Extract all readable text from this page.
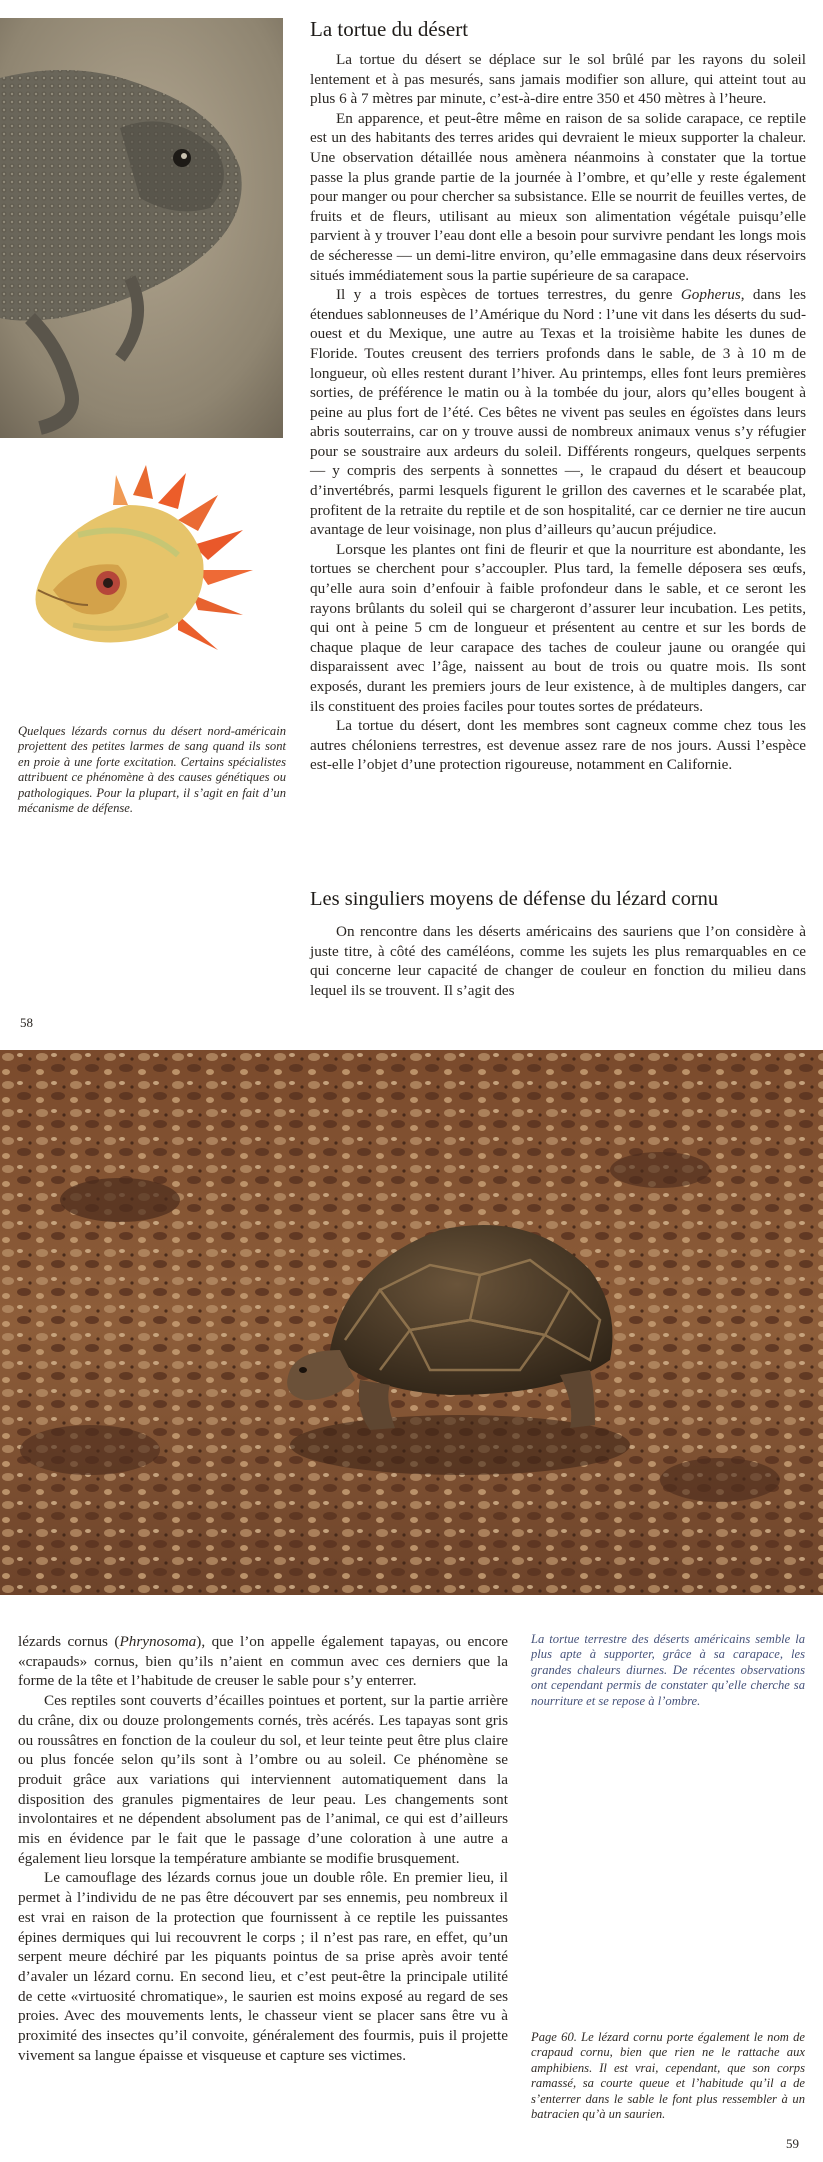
Quelques lézards cornus du désert nord-américain projettent des petites larmes de sang quand ils sont en proie à une forte excitation. Certains spécialistes attribuent ce phénomène à des causes génétiques ou pathologiques. Pour la plupart, il s’agit en fait d’un mécanisme de défense.
La tortue du désert

La tortue du désert se déplace sur le sol brûlé par les rayons du soleil lentement et à pas mesurés, sans jamais modifier son allure, qui atteint tout au plus 6 à 7 mètres par minute, c’est-à-dire entre 350 et 450 mètres à l’heure.

En apparence, et peut-être même en raison de sa solide carapace, ce reptile est un des habitants des terres arides qui devraient le mieux supporter la chaleur. Une observation détaillée nous amènera néanmoins à constater que la tortue passe la plus grande partie de la journée à l’ombre, et qu’elle y reste également pour manger ou pour chercher sa subsistance. Elle se nourrit de feuilles vertes, de fruits et de fleurs, utilisant au mieux son alimentation végétale puisqu’elle parvient à y trouver l’eau dont elle a besoin pour survivre pendant les longs mois de sécheresse — un demi-litre environ, qu’elle emmagasine dans deux réservoirs situés immédiatement sous la partie supérieure de sa carapace.

Il y a trois espèces de tortues terrestres, du genre Gopherus, dans les étendues sablonneuses de l’Amérique du Nord : l’une vit dans les déserts du sud-ouest et du Mexique, une autre au Texas et la troisième habite les dunes de Floride. Toutes creusent des terriers profonds dans le sable, de 3 à 10 m de longueur, où elles restent durant l’hiver. Au printemps, elles font leurs premières sorties, de préférence le matin ou à la tombée du jour, alors qu’elles bougent à peine au plus fort de l’été. Ces bêtes ne vivent pas seules en égoïstes dans leurs abris souterrains, car on y trouve aussi de nombreux animaux venus s’y réfugier pour se soustraire aux ardeurs du soleil. Différents rongeurs, quelques serpents — y compris des serpents à sonnettes —, le crapaud du désert et beaucoup d’invertébrés, parmi lesquels figurent le grillon des cavernes et le scarabée plat, profitent de la retraite du reptile et de son hospitalité, car ce dernier ne tire aucun avantage de leur voisinage, non plus d’ailleurs qu’aucun préjudice.

Lorsque les plantes ont fini de fleurir et que la nourriture est abondante, les tortues se cherchent pour s’accoupler. Plus tard, la femelle déposera ses œufs, qu’elle aura soin d’enfouir à faible profondeur dans le sable, et ce seront les rayons brûlants du soleil qui se chargeront d’assurer leur incubation. Les petits, qui ont à peine 5 cm de longueur et présentent au centre et sur les bords de chaque plaque de leur carapace des taches de couleur jaune ou orangée qui disparaissent avec l’âge, naissent au bout de trois ou quatre mois. Ils sont exposés, durant les premiers jours de leur existence, à de multiples dangers, car ils constituent des proies faciles pour toutes sortes de prédateurs.

La tortue du désert, dont les membres sont cagneux comme chez tous les autres chéloniens terrestres, est devenue assez rare de nos jours. Aussi l’espèce est-elle l’objet d’une protection rigoureuse, notamment en Californie.

Les singuliers moyens de défense du lézard cornu

On rencontre dans les déserts américains des sauriens que l’on considère à juste titre, à côté des caméléons, comme les sujets les plus remarquables en ce qui concerne leur capacité de changer de couleur en fonction du milieu dans lequel ils se trouvent. Il s’agit des

58

lézards cornus (Phrynosoma), que l’on appelle également tapayas, ou encore «crapauds» cornus, bien qu’ils n’aient en commun avec ces derniers que la forme de la tête et l’habitude de creuser le sable pour s’y enterrer.

Ces reptiles sont couverts d’écailles pointues et portent, sur la partie arrière du crâne, dix ou douze prolongements cornés, très acérés. Les tapayas sont gris ou roussâtres en fonction de la couleur du sol, et leur teinte peut être plus claire ou plus foncée selon qu’ils sont à l’ombre ou au soleil. Ce phénomène se produit grâce aux variations qui interviennent automatiquement dans la disposition des granules pigmentaires de leur peau. Les changements sont involontaires et ne dépendent absolument pas de l’animal, ce qui est d’ailleurs mis en évidence par le fait que le passage d’une coloration à une autre a également lieu lorsque la température ambiante se modifie brusquement.

Le camouflage des lézards cornus joue un double rôle. En premier lieu, il permet à l’individu de ne pas être découvert par ses ennemis, peu nombreux il est vrai en raison de la protection que fournissent à ce reptile les puissantes épines dermiques qui lui recouvrent le corps ; il n’est pas rare, en effet, qu’un serpent meure déchiré par les piquants pointus de sa prise après avoir tenté d’avaler un lézard cornu. En second lieu, et c’est peut-être la principale utilité de cette «virtuosité chromatique», le saurien est moins exposé au regard de ses proies. Avec des mouvements lents, le chasseur vient se placer sans être vu à proximité des insectes qu’il convoite, généralement des fourmis, puis il projette vivement sa langue épaisse et visqueuse et capture ses victimes.

La tortue terrestre des déserts américains semble la plus apte à supporter, grâce à sa carapace, les grandes chaleurs diurnes. De récentes observations ont cependant permis de constater qu’elle cherche sa nourriture et se repose à l’ombre.
Page 60. Le lézard cornu porte également le nom de crapaud cornu, bien que rien ne le rattache aux amphibiens. Il est vrai, cependant, que son corps ramassé, sa courte queue et l’habitude qu’il a de s’enterrer dans le sable le font plus ressembler à un batracien qu’à un saurien.
59
